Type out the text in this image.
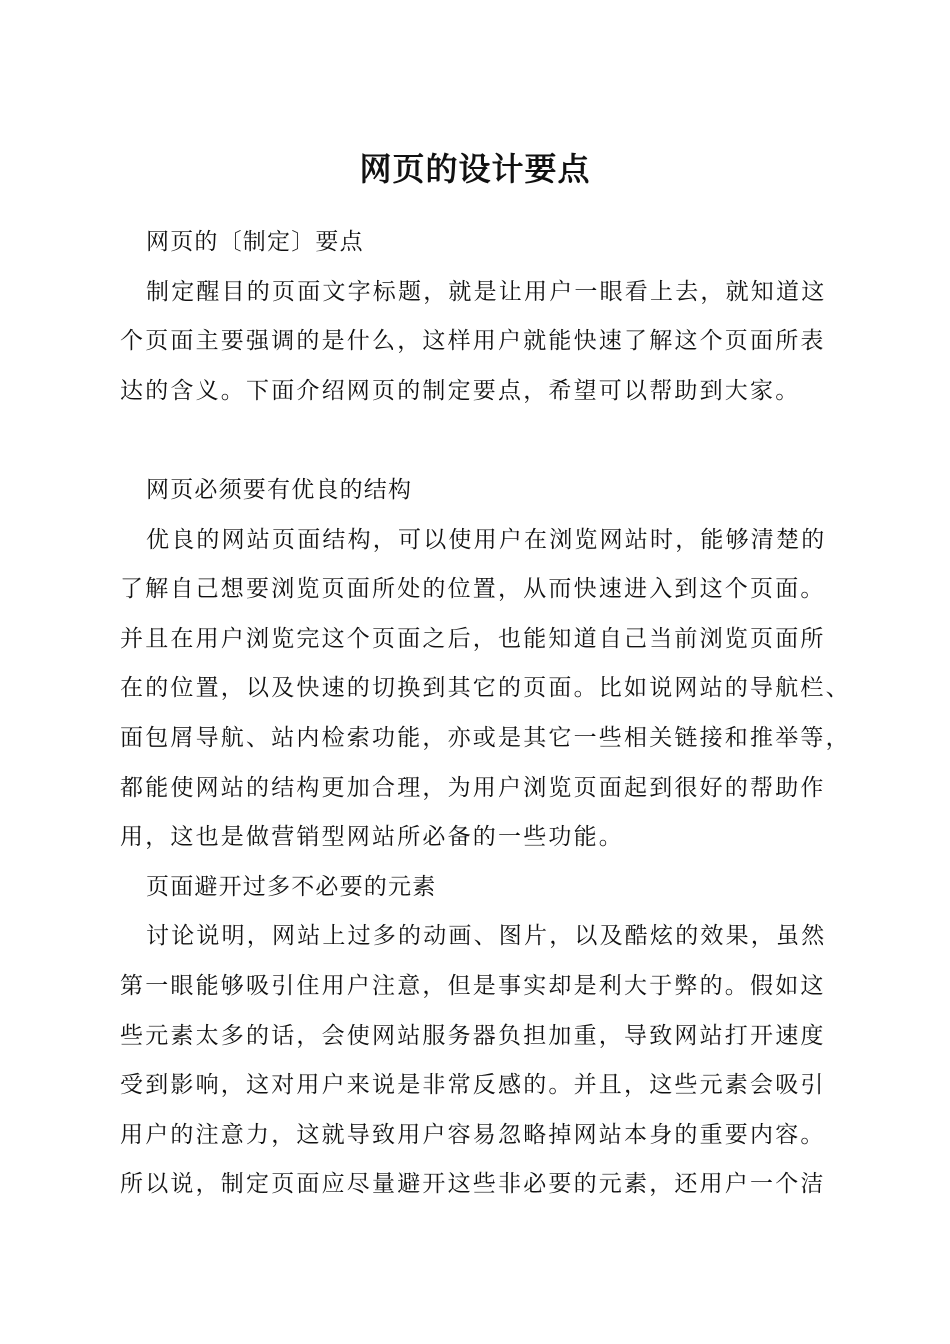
网页的设计要点
网页的〔制定〕要点
制定醒目的页面文字标题，就是让用户一眼看上去，就知道这
个页面主要强调的是什么，这样用户就能快速了解这个页面所表
达的含义。下面介绍网页的制定要点，希望可以帮助到大家。
网页必须要有优良的结构
优良的网站页面结构，可以使用户在浏览网站时，能够清楚的
了解自己想要浏览页面所处的位置，从而快速进入到这个页面。
并且在用户浏览完这个页面之后，也能知道自己当前浏览页面所
在的位置，以及快速的切换到其它的页面。比如说网站的导航栏、
面包屑导航、站内检索功能，亦或是其它一些相关链接和推举等，
都能使网站的结构更加合理，为用户浏览页面起到很好的帮助作
用，这也是做营销型网站所必备的一些功能。
页面避开过多不必要的元素
讨论说明，网站上过多的动画、图片，以及酷炫的效果，虽然
第一眼能够吸引住用户注意，但是事实却是利大于弊的。假如这
些元素太多的话，会使网站服务器负担加重，导致网站打开速度
受到影响，这对用户来说是非常反感的。并且，这些元素会吸引
用户的注意力，这就导致用户容易忽略掉网站本身的重要内容。
所以说，制定页面应尽量避开这些非必要的元素，还用户一个洁
